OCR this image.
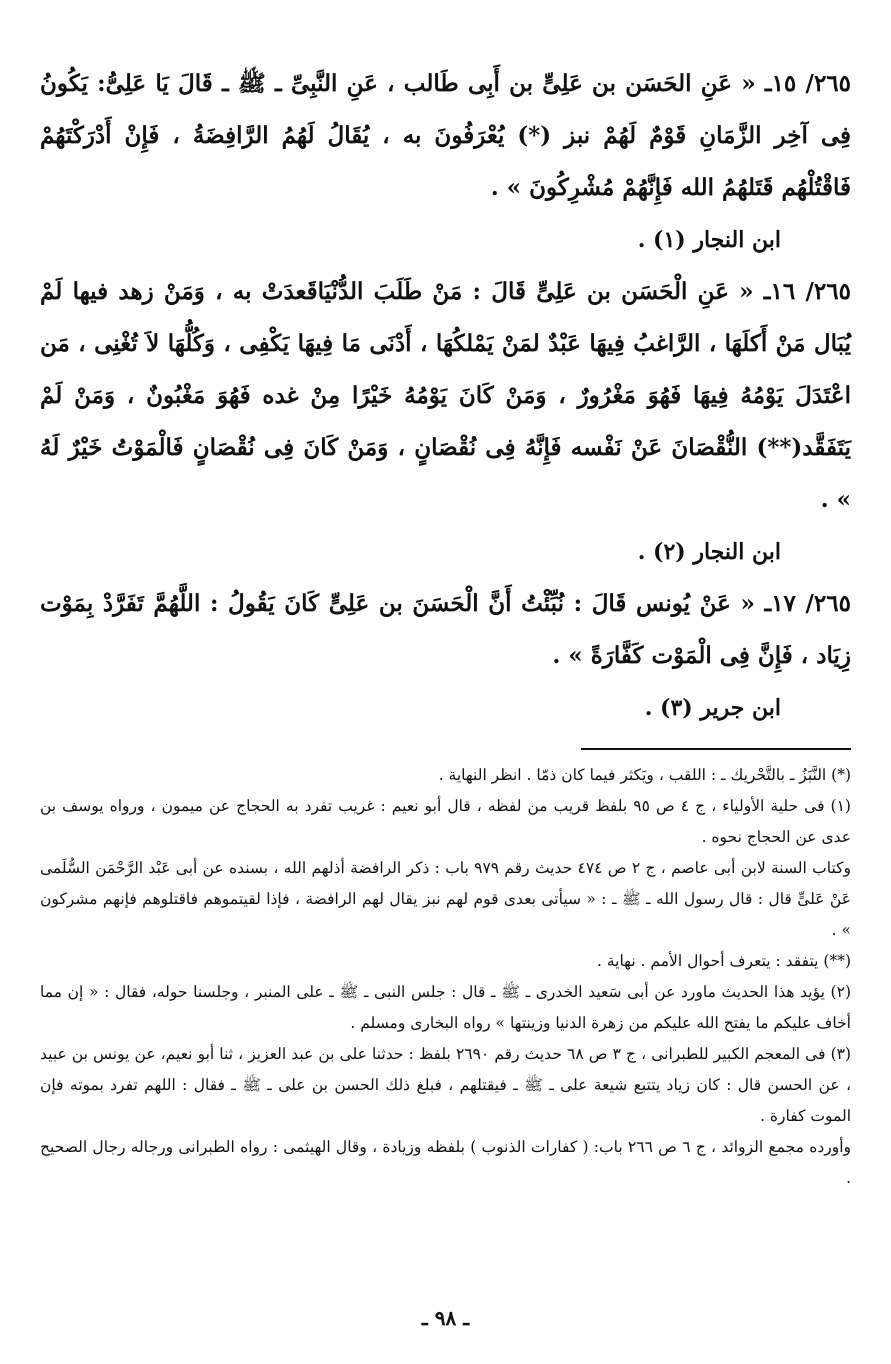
٢٦٥/ ١٥ـ « عَنِ الحَسَن بن عَلِىٍّ بن أَبِى طَالب ، عَنِ النَّبِىِّ ـ ﷺ ـ قَالَ يَا عَلِىُّ: يَكُونُ فِى آخِر الزَّمَانِ قَوْمٌ لَهُمْ نبز (*) يُعْرَفُونَ به ، يُقَالُ لَهُمُ الرَّافِضَةُ ، فَإِنْ أَدْرَكْتَهُمْ فَاقْتُلْهُم قَتَلهُمُ الله فَإِنَّهُمْ مُشْرِكُونَ » .

ابن النجار (١) .

٢٦٥/ ١٦ـ « عَنِ الْحَسَن بن عَلِىٍّ قَالَ : مَنْ طَلَبَ الدُّنْيَاقَعدَتْ به ، وَمَنْ زهد فيها لَمْ يُبَال مَنْ أَكلَهَا ، الرَّاغبُ فِيهَا عَبْدٌ لمَنْ يَمْلكُهَا ، أَدْنَى مَا فِيهَا يَكْفِى ، وَكُلُّهَا لاَ تُغْنِى ، مَن اعْتَدَلَ يَوْمُهُ فِيهَا فَهُوَ مَغْرُورٌ ، وَمَنْ كَانَ يَوْمُهُ خَيْرًا مِنْ غده فَهُوَ مَغْبُونٌ ، وَمَنْ لَمْ يَتَفَقَّد(**) النُّقْصَانَ عَنْ نَفْسه فَإِنَّهُ فِى نُقْصَانٍ ، وَمَنْ كَانَ فِى نُقْصَانٍ فَالْمَوْتُ خَيْرٌ لَهُ » .

ابن النجار (٢) .

٢٦٥/ ١٧ـ « عَنْ يُونس قَالَ : نُبِّئْتُ أَنَّ الْحَسَنَ بن عَلِىٍّ كَانَ يَقُولُ : اللَّهُمَّ تَفَرَّدْ بِمَوْت زِيَاد ، فَإِنَّ فِى الْمَوْت كَفَّارَةً » .

ابن جرير (٣) .

(*) النَّبَزُ ـ بالتَّحْريك ـ : اللقب ، ويَكثر فيما كان ذمّا . انظر النهاية .

(١) فى حلية الأولياء ، ج ٤ ص ٩٥ بلفظ قريب من لفظه ، قال أبو نعيم : غريب تفرد به الحجاج عن ميمون ، ورواه يوسف بن عدى عن الحجاج نحوه .

وكتاب السنة لابن أبى عاصم ، ج ٢ ص ٤٧٤ حديث رقم ٩٧٩ باب : ذكر الرافضة أذلهم الله ، بسنده عن أبى عَبْد الرَّحْمَن السُّلَمى عَنْ عَلىٍّ قال : قال رسول الله ـ ﷺ ـ : « سيأتى بعدى قوم لهم نبز يقال لهم الرافضة ، فإذا لقيتموهم فاقتلوهم فإنهم مشركون » .

(**) يتفقد : يتعرف أحوال الأمم . نهاية .

(٢) يؤيد هذا الحديث ماورد عن أبى سَعيد الخدرى ـ ﷺ ـ قال : جلس النبى ـ ﷺ ـ على المنبر ، وجلسنا حوله، فقال : « إن مما أخاف عليكم ما يفتح الله عليكم من زهرة الدنيا وزينتها » رواه البخارى ومسلم .

(٣) فى المعجم الكبير للطبرانى ، ج ٣ ص ٦٨ حديث رقم ٢٦٩٠ بلفظ : حدثنا على بن عبد العزيز ، ثنا أبو نعيم، عن يونس بن عبيد ، عن الحسن قال : كان زياد يتتبع شيعة على ـ ﷺ ـ فيقتلهم ، فبلغ ذلك الحسن بن على ـ ﷺ ـ فقال : اللهم تفرد بموته فإن الموت كفارة .

وأورده مجمع الزوائد ، ج ٦ ص ٢٦٦ باب: ( كفارات الذنوب ) بلفظه وزيادة ، وقال الهيثمى : رواه الطبرانى ورجاله رجال الصحيح .

ـ ٩٨ ـ
